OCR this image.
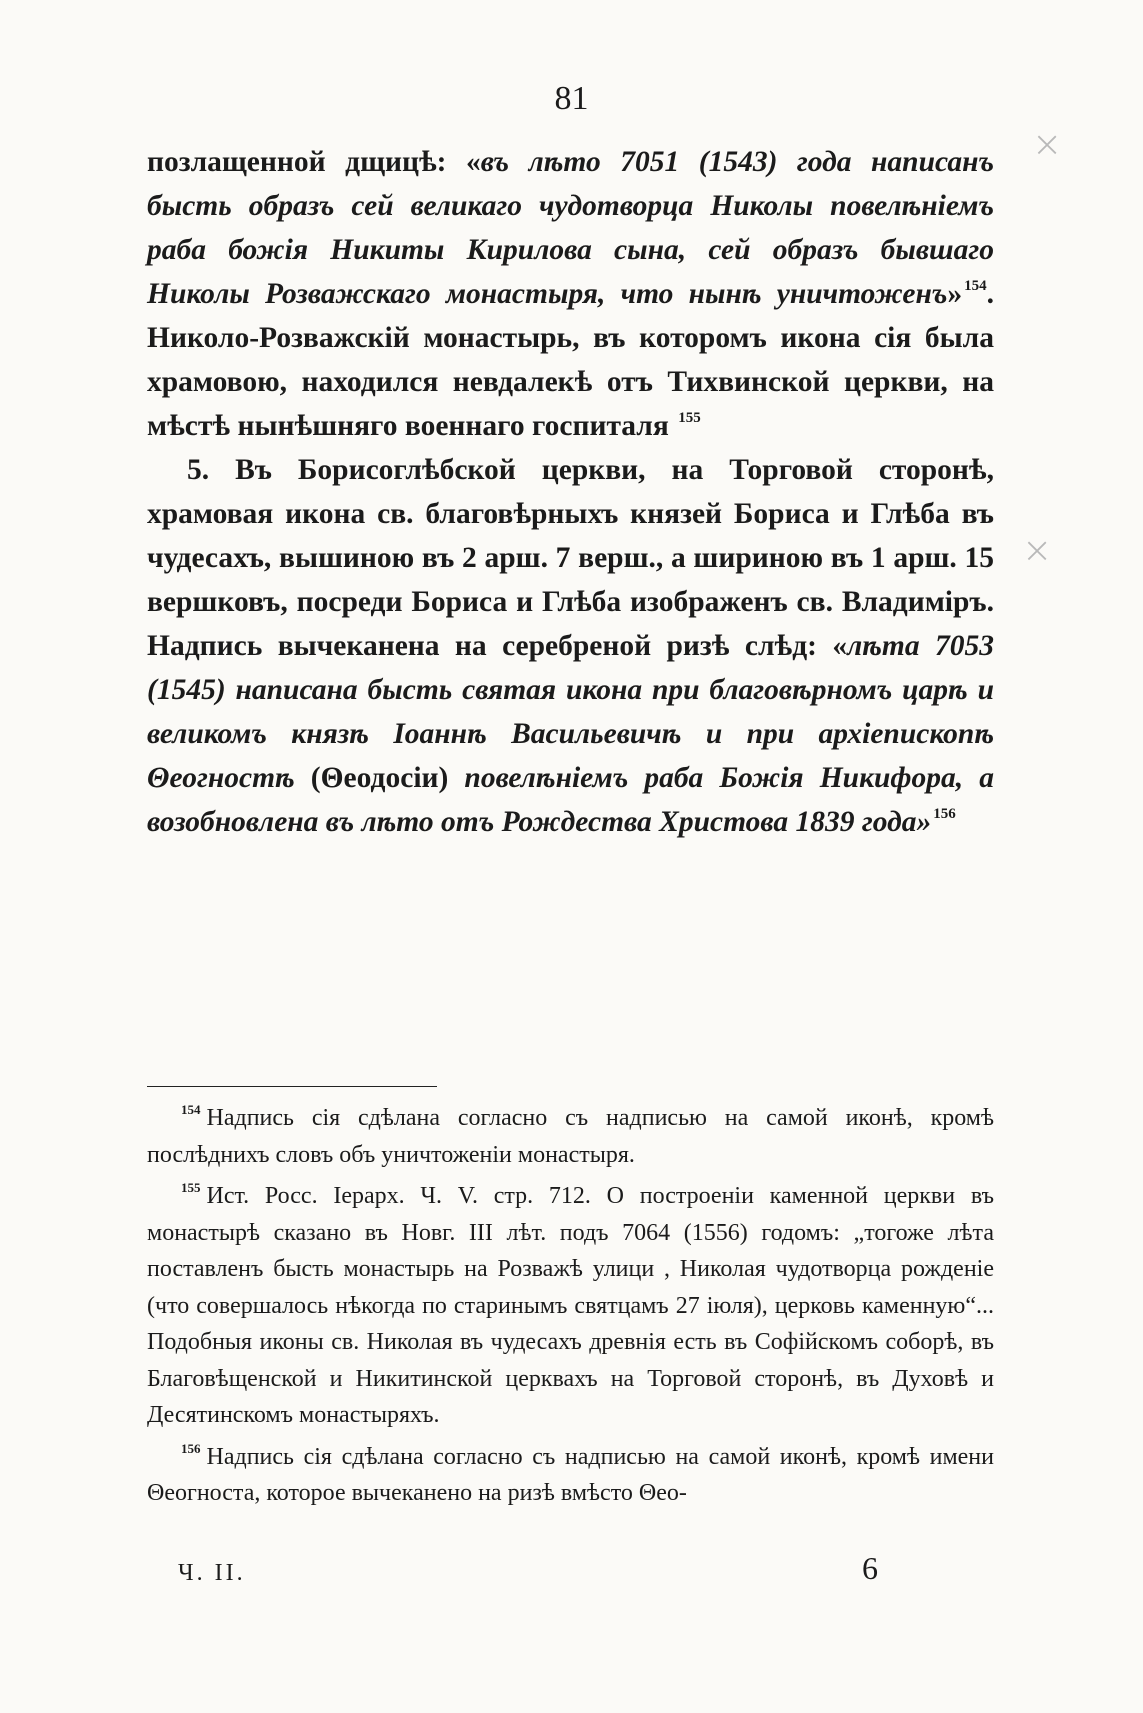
81
×
×

позлащенной дщицѣ: «въ лѣто 7051 (1543) года написанъ бысть образъ сей великаго чудотворца Николы повелѣніемъ раба божія Никиты Кирилова сына, сей образъ бывшаго Николы Розважскаго монастыря, что нынѣ уничтоженъ» $^{154}$. Николо-Розважскій монастырь, въ которомъ икона сія была храмовою, находился невдалекѣ отъ Тихвинской церкви, на мѣстѣ нынѣшняго военнаго госпиталя $^{155}$

5. Въ Борисоглѣбской церкви, на Торговой сторонѣ, храмовая икона св. благовѣрныхъ князей Бориса и Глѣба въ чудесахъ, вышиною въ 2 арш. 7 верш., а шириною въ 1 арш. 15 вершковъ, посреди Бориса и Глѣба изображенъ св. Владиміръ. Надпись вычеканена на серебреной ризѣ слѣд: «лѣта 7053 (1545) написана бысть святая икона при благовѣрномъ царѣ и великомъ князѣ Іоаннѣ Васильевичѣ и при архіепископѣ Θеогностѣ (Θеодосіи) повелѣніемъ раба Божія Никифора, а возобновлена въ лѣто отъ Рождества Христова 1839 года» $^{156}$

$^{154}$ Надпись сія сдѣлана согласно съ надписью на самой иконѣ, кромѣ послѣднихъ словъ объ уничтоженіи монастыря.

$^{155}$ Ист. Росс. Іерарх. Ч. V. стр. 712. О построеніи каменной церкви въ монастырѣ сказано въ Новг. III лѣт. подъ 7064 (1556) годомъ: „тогоже лѣта поставленъ бысть монастырь на Розважѣ улици , Николая чудотворца рожденіе (что совершалось нѣкогда по старинымъ святцамъ 27 іюля), церковь каменную“... Подобныя иконы св. Николая въ чудесахъ древнія есть въ Софійскомъ соборѣ, въ Благовѣщенской и Никитинской церквахъ на Торговой сторонѣ, въ Духовѣ и Десятинскомъ монастыряхъ.

$^{156}$ Надпись сія сдѣлана согласно съ надписью на самой иконѣ, кромѣ имени Θеогноста, которое вычеканено на ризѣ вмѣсто Θео-

Ч. II.	6
